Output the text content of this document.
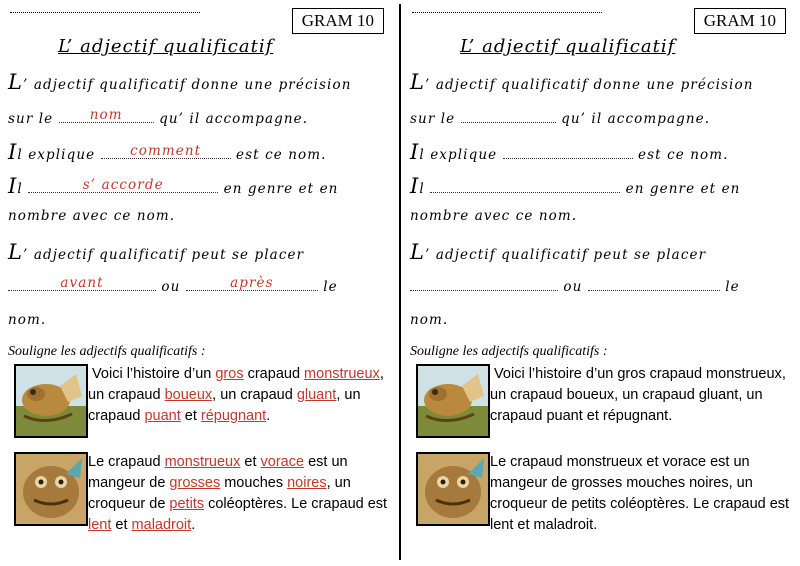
GRAM 10
L’ adjectif qualificatif
L’ adjectif qualificatif donne une précision
sur le	nom	qu’ il accompagne.
Il explique	comment	est ce nom.
Il	s’ accorde	en genre et en
nombre avec ce nom.
L’ adjectif qualificatif peut se placer
avant	ou	après	le
nom.
Souligne les adjectifs qualificatifs :
Voici l’histoire d’un gros crapaud monstrueux, un crapaud boueux, un crapaud gluant, un crapaud puant et répugnant.
Le crapaud monstrueux et vorace est un mangeur de grosses mouches noires, un croqueur de petits coléoptères. Le crapaud est lent et maladroit.
GRAM 10
L’ adjectif qualificatif
L’ adjectif qualificatif donne une précision
sur le	qu’ il accompagne.
Il explique	est ce nom.
Il	en genre et en
nombre avec ce nom.
L’ adjectif qualificatif peut se placer
ou	le
nom.
Souligne les adjectifs qualificatifs :
Voici l’histoire d’un gros crapaud monstrueux, un crapaud boueux, un crapaud gluant, un crapaud puant et répugnant.
Le crapaud monstrueux et vorace est un mangeur de grosses mouches noires, un croqueur de petits coléoptères. Le crapaud est lent et maladroit.
